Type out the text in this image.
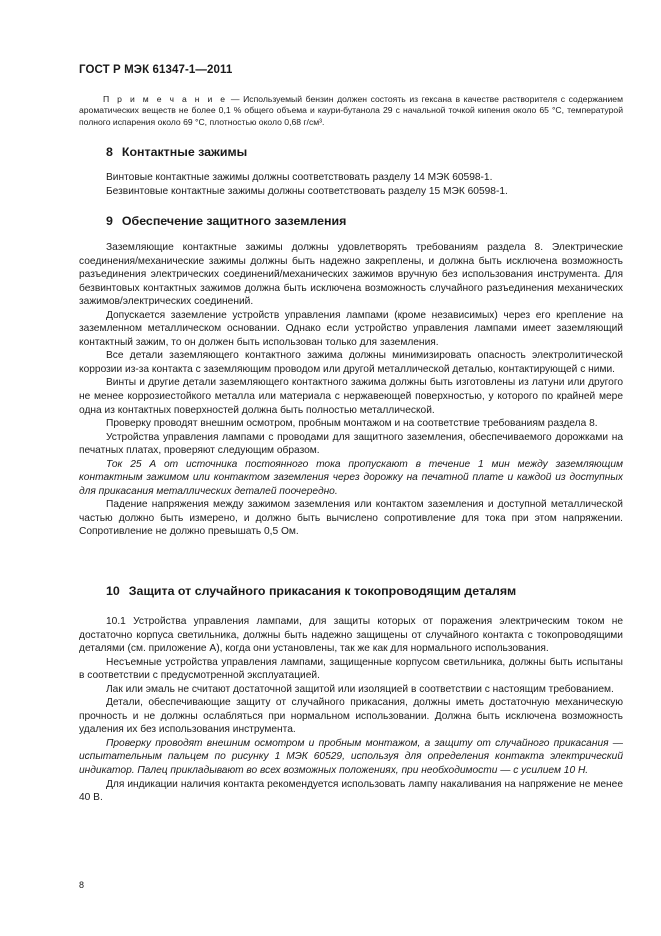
ГОСТ Р МЭК 61347-1—2011
П р и м е ч а н и е — Используемый бензин должен состоять из гексана в качестве растворителя с содержанием ароматических веществ не более 0,1 % общего объема и каури-бутанола 29 с начальной точкой кипения около 65 °C, температурой полного испарения около 69 °C, плотностью около 0,68 г/см³.
8 Контактные зажимы

Винтовые контактные зажимы должны соответствовать разделу 14 МЭК 60598-1.

Безвинтовые контактные зажимы должны соответствовать разделу 15 МЭК 60598-1.

9 Обеспечение защитного заземления

Заземляющие контактные зажимы должны удовлетворять требованиям раздела 8. Электрические соединения/механические зажимы должны быть надежно закреплены, и должна быть исключена возможность разъединения электрических соединений/механических зажимов вручную без использования инструмента. Для безвинтовых контактных зажимов должна быть исключена возможность случайного разъединения механических зажимов/электрических соединений.

Допускается заземление устройств управления лампами (кроме независимых) через его крепление на заземленном металлическом основании. Однако если устройство управления лампами имеет заземляющий контактный зажим, то он должен быть использован только для заземления.

Все детали заземляющего контактного зажима должны минимизировать опасность электролитической коррозии из-за контакта с заземляющим проводом или другой металлической деталью, контактирующей с ними.

Винты и другие детали заземляющего контактного зажима должны быть изготовлены из латуни или другого не менее коррозиестойкого металла или материала с нержавеющей поверхностью, у которого по крайней мере одна из контактных поверхностей должна быть полностью металлической.

Проверку проводят внешним осмотром, пробным монтажом и на соответствие требованиям раздела 8.

Устройства управления лампами с проводами для защитного заземления, обеспечиваемого дорожками на печатных платах, проверяют следующим образом.

Ток 25 А от источника постоянного тока пропускают в течение 1 мин между заземляющим контактным зажимом или контактом заземления через дорожку на печатной плате и каждой из доступных для прикасания металлических деталей поочередно.

Падение напряжения между зажимом заземления или контактом заземления и доступной металлической частью должно быть измерено, и должно быть вычислено сопротивление для тока при этом напряжении. Сопротивление не должно превышать 0,5 Ом.

10 Защита от случайного прикасания к токопроводящим деталям

10.1 Устройства управления лампами, для защиты которых от поражения электрическим током не достаточно корпуса светильника, должны быть надежно защищены от случайного контакта с токопроводящими деталями (см. приложение А), когда они установлены, так же как для нормального использования.

Несъемные устройства управления лампами, защищенные корпусом светильника, должны быть испытаны в соответствии с предусмотренной эксплуатацией.

Лак или эмаль не считают достаточной защитой или изоляцией в соответствии с настоящим требованием.

Детали, обеспечивающие защиту от случайного прикасания, должны иметь достаточную механическую прочность и не должны ослабляться при нормальном использовании. Должна быть исключена возможность удаления их без использования инструмента.

Проверку проводят внешним осмотром и пробным монтажом, а защиту от случайного прикасания — испытательным пальцем по рисунку 1 МЭК 60529, используя для определения контакта электрический индикатор. Палец прикладывают во всех возможных положениях, при необходимости — с усилием 10 Н.

Для индикации наличия контакта рекомендуется использовать лампу накаливания на напряжение не менее 40 В.

8
